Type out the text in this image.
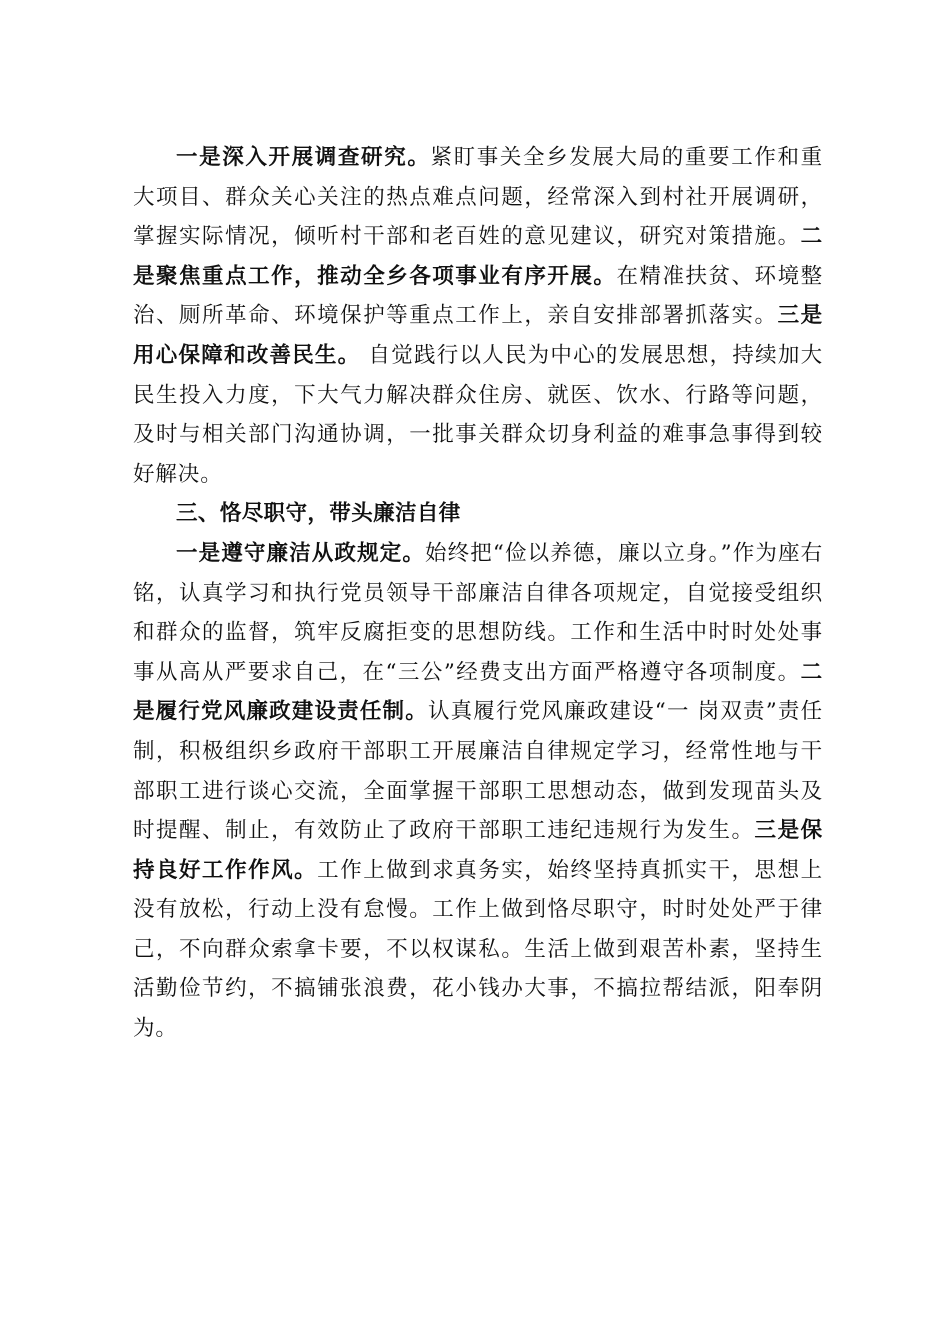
一是深入开展调查研究。紧盯事关全乡发展大局的重要工作和重大项目、群众关心关注的热点难点问题，经常深入到村社开展调研，掌握实际情况，倾听村干部和老百姓的意见建议，研究对策措施。二是聚焦重点工作，推动全乡各项事业有序开展。在精准扶贫、环境整治、厕所革命、环境保护等重点工作上，亲自安排部署抓落实。三是用心保障和改善民生。 自觉践行以人民为中心的发展思想，持续加大民生投入力度，下大气力解决群众住房、就医、饮水、行路等问题，及时与相关部门沟通协调，一批事关群众切身利益的难事急事得到较好解决。

三、恪尽职守，带头廉洁自律

一是遵守廉洁从政规定。始终把“俭以养德，廉以立身。”作为座右铭，认真学习和执行党员领导干部廉洁自律各项规定，自觉接受组织和群众的监督，筑牢反腐拒变的思想防线。工作和生活中时时处处事事从高从严要求自己，在“三公”经费支出方面严格遵守各项制度。二是履行党风廉政建设责任制。认真履行党风廉政建设“一 岗双责”责任制，积极组织乡政府干部职工开展廉洁自律规定学习，经常性地与干部职工进行谈心交流，全面掌握干部职工思想动态，做到发现苗头及时提醒、制止，有效防止了政府干部职工违纪违规行为发生。三是保持良好工作作风。工作上做到求真务实，始终坚持真抓实干，思想上没有放松，行动上没有怠慢。工作上做到恪尽职守，时时处处严于律己，不向群众索拿卡要，不以权谋私。生活上做到艰苦朴素，坚持生活勤俭节约，不搞铺张浪费，花小钱办大事，不搞拉帮结派，阳奉阴为。
